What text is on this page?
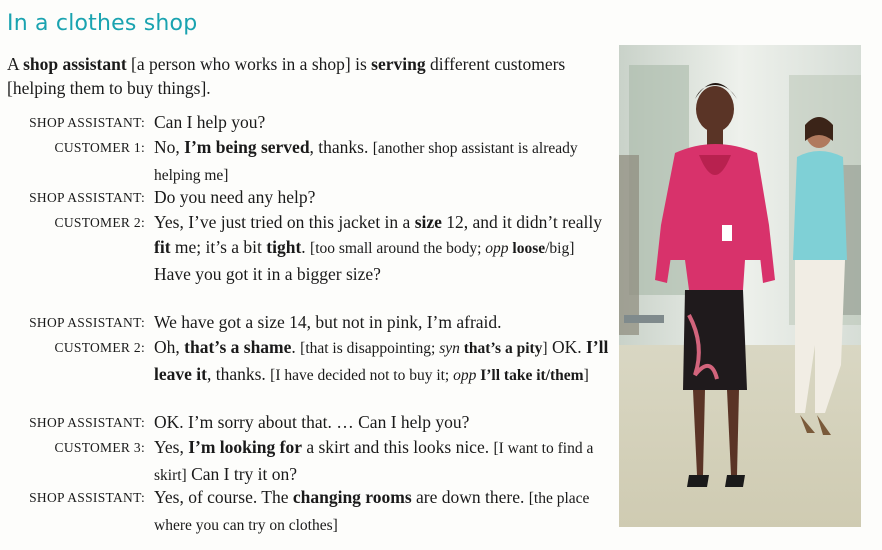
In a clothes shop
A shop assistant [a person who works in a shop] is serving different customers [helping them to buy things].
SHOP ASSISTANT: Can I help you?
CUSTOMER 1: No, I’m being served, thanks. [another shop assistant is already helping me]
SHOP ASSISTANT: Do you need any help?
CUSTOMER 2: Yes, I’ve just tried on this jacket in a size 12, and it didn’t really fit me; it’s a bit tight. [too small around the body; opp loose/big] Have you got it in a bigger size?
SHOP ASSISTANT: We have got a size 14, but not in pink, I’m afraid.
CUSTOMER 2: Oh, that’s a shame. [that is disappointing; syn that’s a pity] OK. I’ll leave it, thanks. [I have decided not to buy it; opp I’ll take it/them]
SHOP ASSISTANT: OK. I’m sorry about that. … Can I help you?
CUSTOMER 3: Yes, I’m looking for a skirt and this looks nice. [I want to find a skirt] Can I try it on?
SHOP ASSISTANT: Yes, of course. The changing rooms are down there. [the place where you can try on clothes]
